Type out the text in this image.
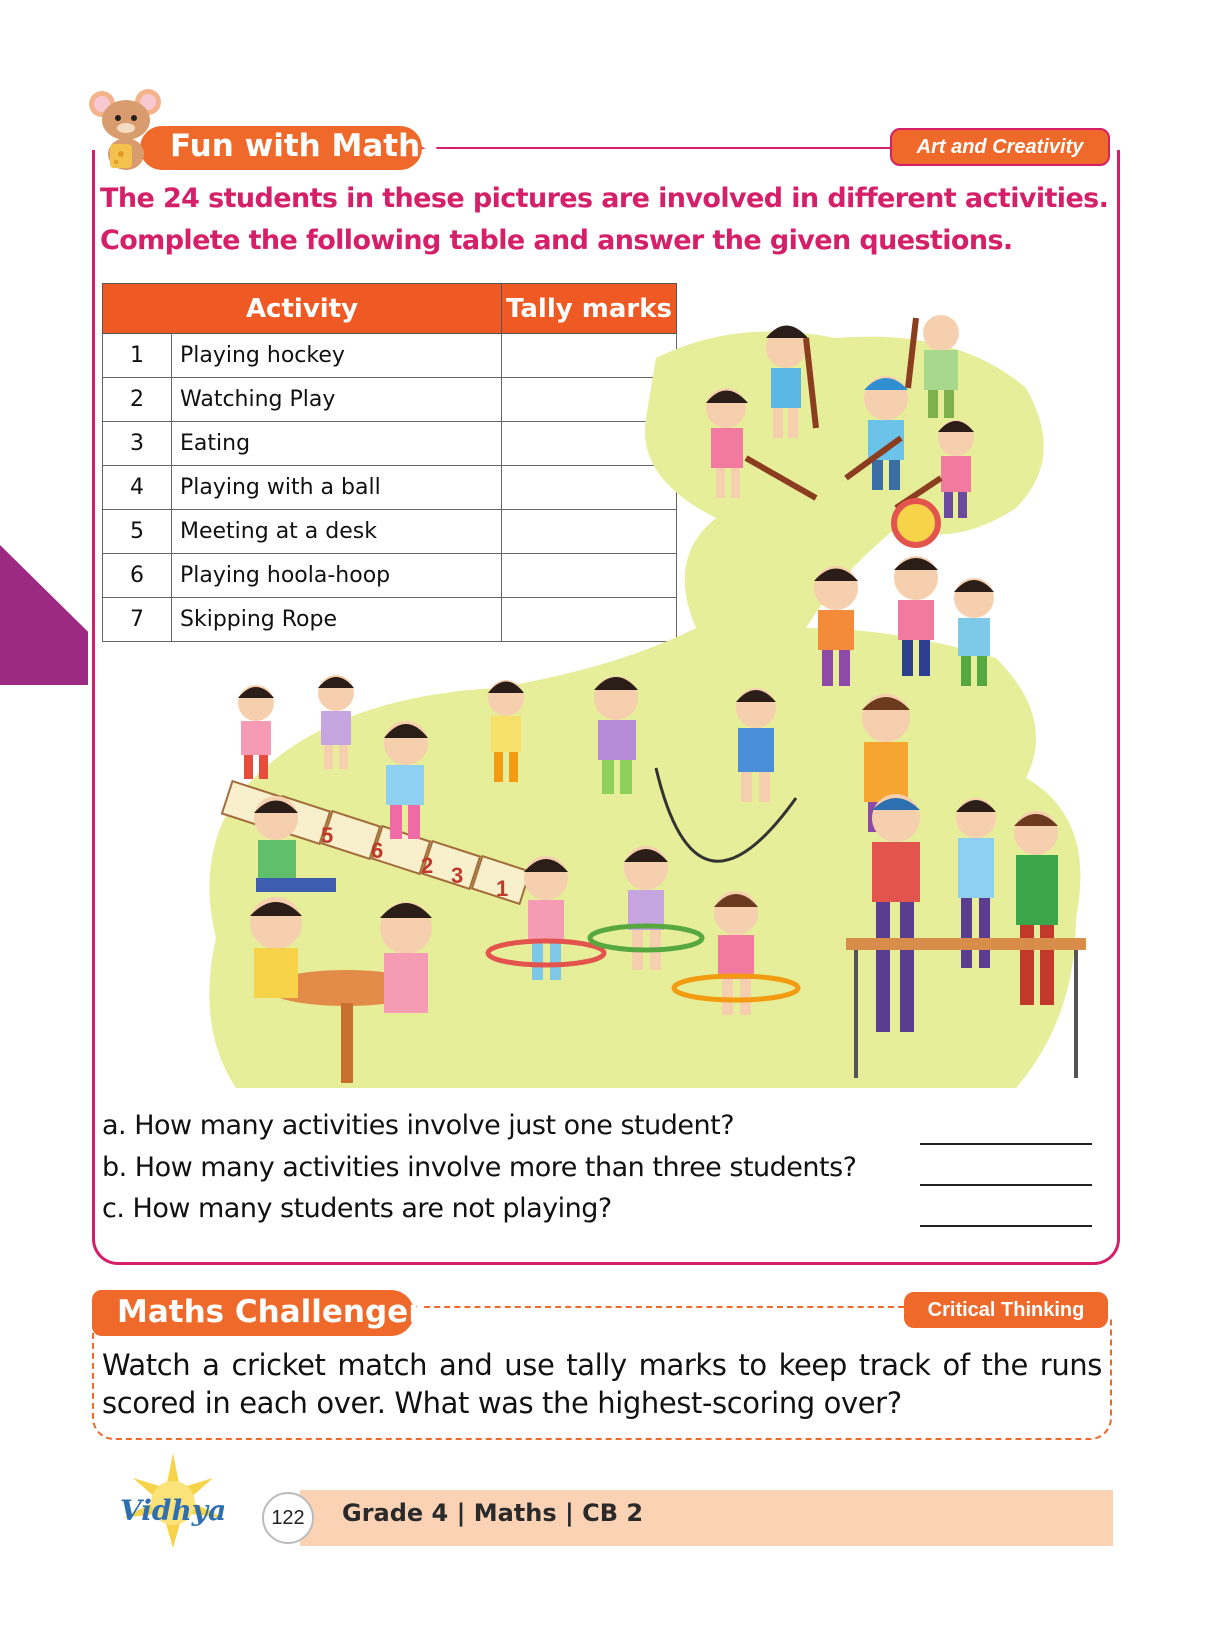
Fun with Maths	Art and Creativity
The 24 students in these pictures are involved in different activities.
Complete the following table and answer the given questions.
Activity		Tally marks
1	Playing hockey	
2	Watching Play	
3	Eating	
4	Playing with a ball	
5	Meeting at a desk	
6	Playing hoola-hoop	
7	Skipping Rope	
5
6
2 3
1
a. How many activities involve just one student?
b. How many activities involve more than three students?
c. How many students are not playing?
Maths Challenger	Critical Thinking
Watch a cricket match and use tally marks to keep track of the runs scored in each over. What was the highest-scoring over?
Vidhya	122	Grade 4 | Maths | CB 2
